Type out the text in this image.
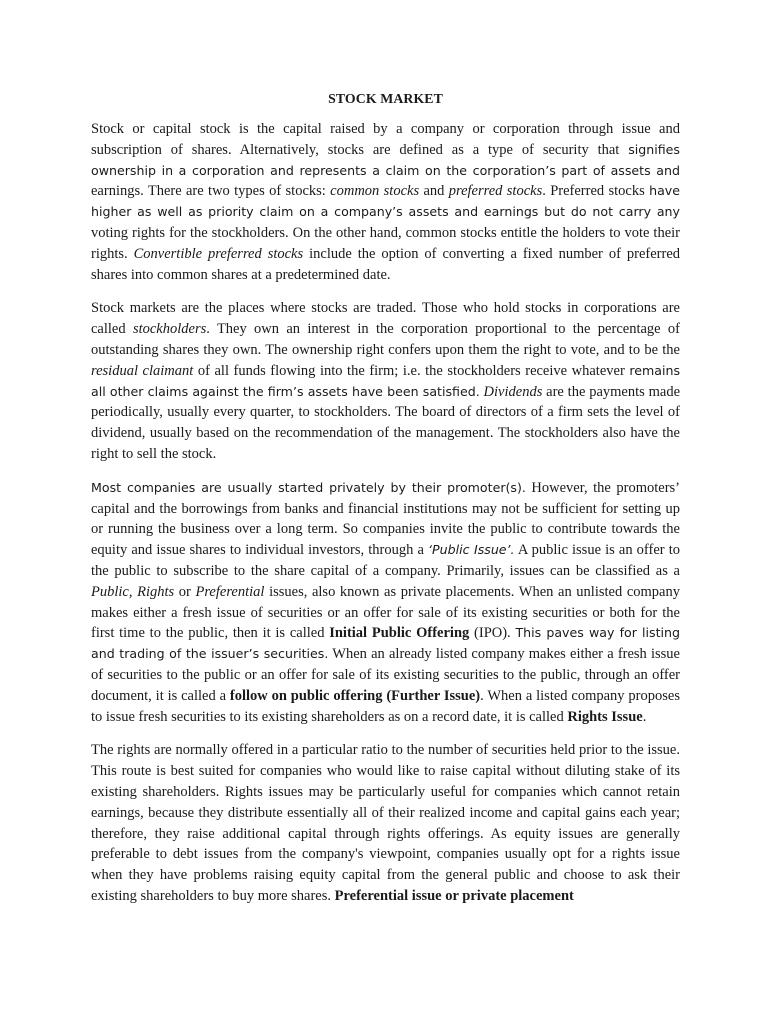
STOCK MARKET

Stock or capital stock is the capital raised by a company or corporation through issue and subscription of shares. Alternatively, stocks are defined as a type of security that signifies ownership in a corporation and represents a claim on the corporation’s part of assets and earnings. There are two types of stocks: common stocks and preferred stocks. Preferred stocks have higher as well as priority claim on a company’s assets and earnings but do not carry any voting rights for the stockholders. On the other hand, common stocks entitle the holders to vote their rights. Convertible preferred stocks include the option of converting a fixed number of preferred shares into common shares at a predetermined date.

Stock markets are the places where stocks are traded. Those who hold stocks in corporations are called stockholders. They own an interest in the corporation proportional to the percentage of outstanding shares they own. The ownership right confers upon them the right to vote, and to be the residual claimant of all funds flowing into the firm; i.e. the stockholders receive whatever remains all other claims against the firm’s assets have been satisfied. Dividends are the payments made periodically, usually every quarter, to stockholders. The board of directors of a firm sets the level of dividend, usually based on the recommendation of the management. The stockholders also have the right to sell the stock.

Most companies are usually started privately by their promoter(s). However, the promoters’ capital and the borrowings from banks and financial institutions may not be sufficient for setting up or running the business over a long term. So companies invite the public to contribute towards the equity and issue shares to individual investors, through a ‘Public Issue’. A public issue is an offer to the public to subscribe to the share capital of a company. Primarily, issues can be classified as a Public, Rights or Preferential issues, also known as private placements. When an unlisted company makes either a fresh issue of securities or an offer for sale of its existing securities or both for the first time to the public, then it is called Initial Public Offering (IPO). This paves way for listing and trading of the issuer’s securities. When an already listed company makes either a fresh issue of securities to the public or an offer for sale of its existing securities to the public, through an offer document, it is called a follow on public offering (Further Issue). When a listed company proposes to issue fresh securities to its existing shareholders as on a record date, it is called Rights Issue.

The rights are normally offered in a particular ratio to the number of securities held prior to the issue. This route is best suited for companies who would like to raise capital without diluting stake of its existing shareholders. Rights issues may be particularly useful for companies which cannot retain earnings, because they distribute essentially all of their realized income and capital gains each year; therefore, they raise additional capital through rights offerings. As equity issues are generally preferable to debt issues from the company's viewpoint, companies usually opt for a rights issue when they have problems raising equity capital from the general public and choose to ask their existing shareholders to buy more shares. Preferential issue or private placement
